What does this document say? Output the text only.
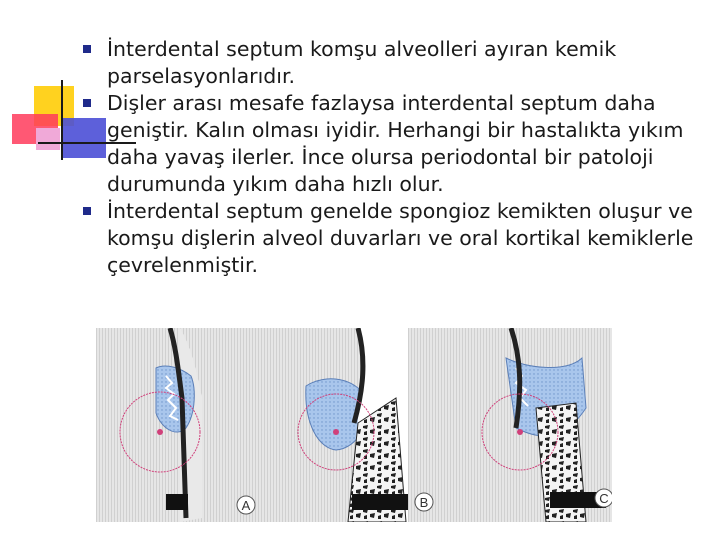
İnterdental septum komşu alveolleri ayıran kemik parselasyonlarıdır.
Dişler arası mesafe fazlaysa interdental septum daha geniştir. Kalın olması iyidir. Herhangi bir hastalıkta yıkım daha yavaş ilerler. İnce olursa periodontal bir patoloji durumunda yıkım daha hızlı olur.
İnterdental septum genelde spongioz kemikten oluşur ve komşu dişlerin alveol duvarları ve oral kortikal kemiklerle çevrelenmiştir.
A	B	C
